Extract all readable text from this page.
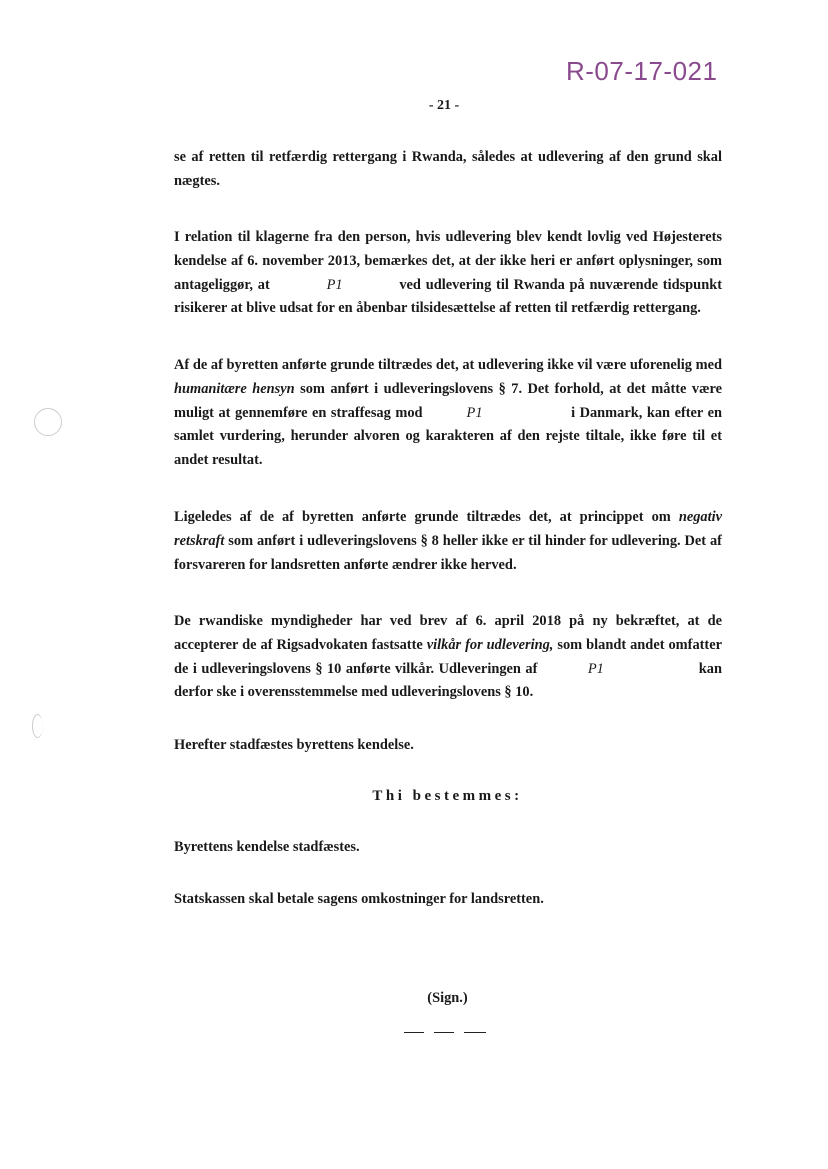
R-07-17-021
- 21 -

se af retten til retfærdig rettergang i Rwanda, således at udlevering af den grund skal nægtes.

I relation til klagerne fra den person, hvis udlevering blev kendt lovlig ved Højesterets kendelse af 6. november 2013, bemærkes det, at der ikke heri er anført oplysninger, som antageliggør, at	P1	ved udlevering til Rwanda på nuværende tidspunkt risikerer at blive udsat for en åbenbar tilsidesættelse af retten til retfærdig rettergang.

Af de af byretten anførte grunde tiltrædes det, at udlevering ikke vil være uforenelig med humanitære hensyn som anført i udleveringslovens § 7. Det forhold, at det måtte være muligt at gennemføre en straffesag mod	P1	i Danmark, kan efter en samlet vurdering, herunder alvoren og karakteren af den rejste tiltale, ikke føre til et andet resultat.

Ligeledes af de af byretten anførte grunde tiltrædes det, at princippet om negativ retskraft som anført i udleveringslovens § 8 heller ikke er til hinder for udlevering. Det af forsvareren for landsretten anførte ændrer ikke herved.

De rwandiske myndigheder har ved brev af 6. april 2018 på ny bekræftet, at de accepterer de af Rigsadvokaten fastsatte vilkår for udlevering, som blandt andet omfatter de i udleveringslovens § 10 anførte vilkår. Udleveringen af	P1	kan derfor ske i overensstemmelse med udleveringslovens § 10.

Herefter stadfæstes byrettens kendelse.

Thi bestemmes:

Byrettens kendelse stadfæstes.

Statskassen skal betale sagens omkostninger for landsretten.

(Sign.)
